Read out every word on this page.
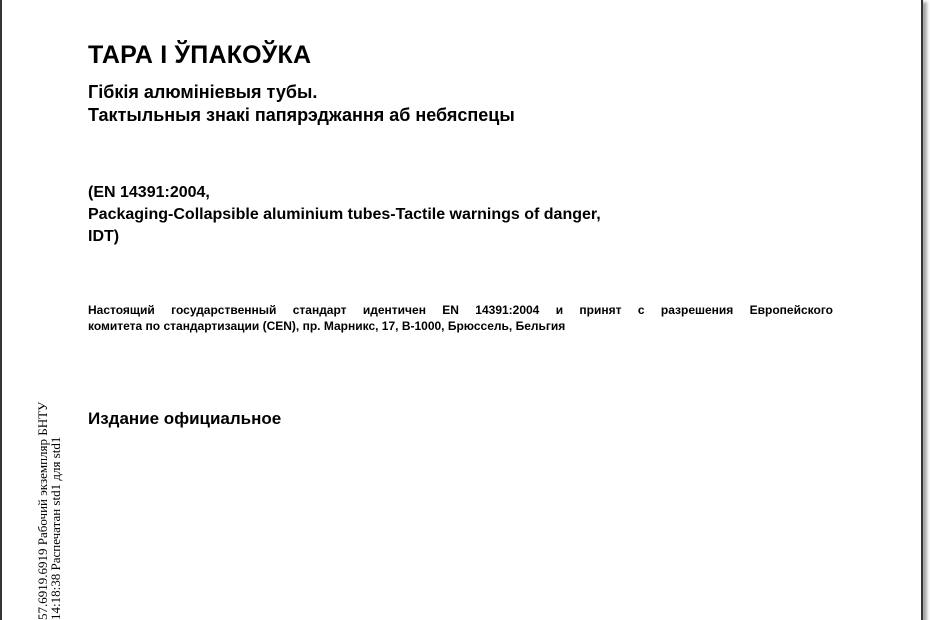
ТАРА І ЎПАКОЎКА
Гібкія алюмініевыя тубы.
Тактыльныя знакі папярэджання аб небяспецы
(EN 14391:2004,
Packaging-Collapsible aluminium tubes-Tactile warnings of danger,
IDT)
Настоящий государственный стандарт идентичен EN 14391:2004 и принят с разрешения Европейского
комитета по стандартизации (CEN), пр. Марникс, 17, B-1000, Брюссель, Бельгия
Издание официальное
57.6919.6919 Рабочий экземпляр БНТУ
14:18:38 Распечатан std1 для std1
